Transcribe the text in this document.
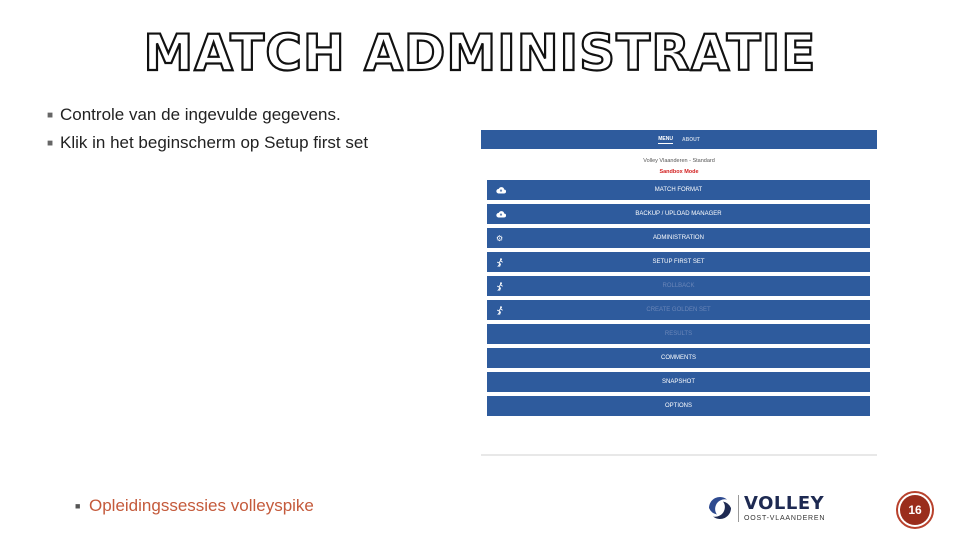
MATCH ADMINISTRATIE
■ Controle van de ingevulde gegevens.
■ Klik in het beginscherm op Setup first set	MENU ABOUT
Volley Vlaanderen - Standard
Sandbox Mode
MATCH FORMAT
BACKUP / UPLOAD MANAGER
⚙	ADMINISTRATION
SETUP FIRST SET
ROLLBACK
CREATE GOLDEN SET
RESULTS
COMMENTS
SNAPSHOT
OPTIONS
■ Opleidingssessies volleyspike	VOLLEY
OOST-VLAANDEREN
16
